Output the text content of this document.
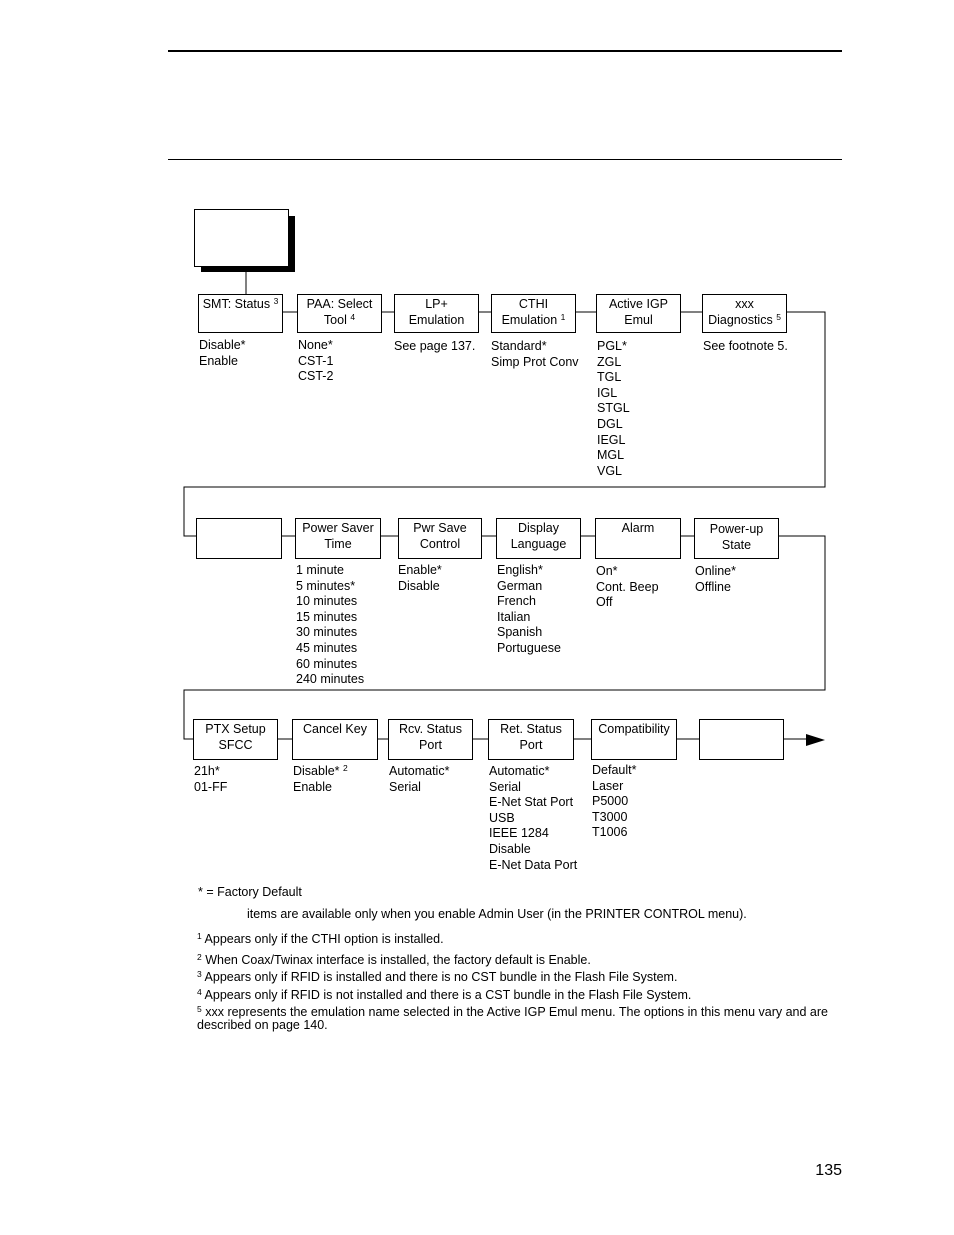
SMT: Status $^3$	PAA: Select
Tool $^4$
LP+
Emulation
CTHI
Emulation $^1$
Active IGP
Emul
xxx
Diagnostics $^5$
Disable*
Enable
None*
CST-1
CST-2
See page 137. Standard*
Simp Prot Conv
PGL*
ZGL
TGL
IGL
STGL
DGL
IEGL
MGL
VGL
See footnote 5.
Power Saver
Time
Pwr Save
Control
Display
Language
Alarm	Power-up
State
1 minute
5 minutes*
10 minutes
15 minutes
30 minutes
45 minutes
60 minutes
240 minutes
Enable*
Disable
English*
German
French
Italian
Spanish
Portuguese
On*
Cont. Beep
Off
Online*
Offline
PTX Setup
SFCC
Cancel Key	Rcv. Status
Port
Ret. Status
Port
Compatibility
21h*
01-FF
Disable* $^2$
Enable
Automatic*
Serial
Automatic*
Serial
E-Net Stat Port
USB
IEEE 1284
Disable
E-Net Data Port
Default*
Laser
P5000
T3000
T1006
* = Factory Default
items are available only when you enable Admin User (in the PRINTER CONTROL menu).
$^1$ Appears only if the CTHI option is installed.
$^2$ When Coax/Twinax interface is installed, the factory default is Enable.
$^3$ Appears only if RFID is installed and there is no CST bundle in the Flash File System.
$^4$ Appears only if RFID is not installed and there is a CST bundle in the Flash File System.
$^5$ xxx represents the emulation name selected in the Active IGP Emul menu. The options in this menu vary and are
described on page 140.
135
